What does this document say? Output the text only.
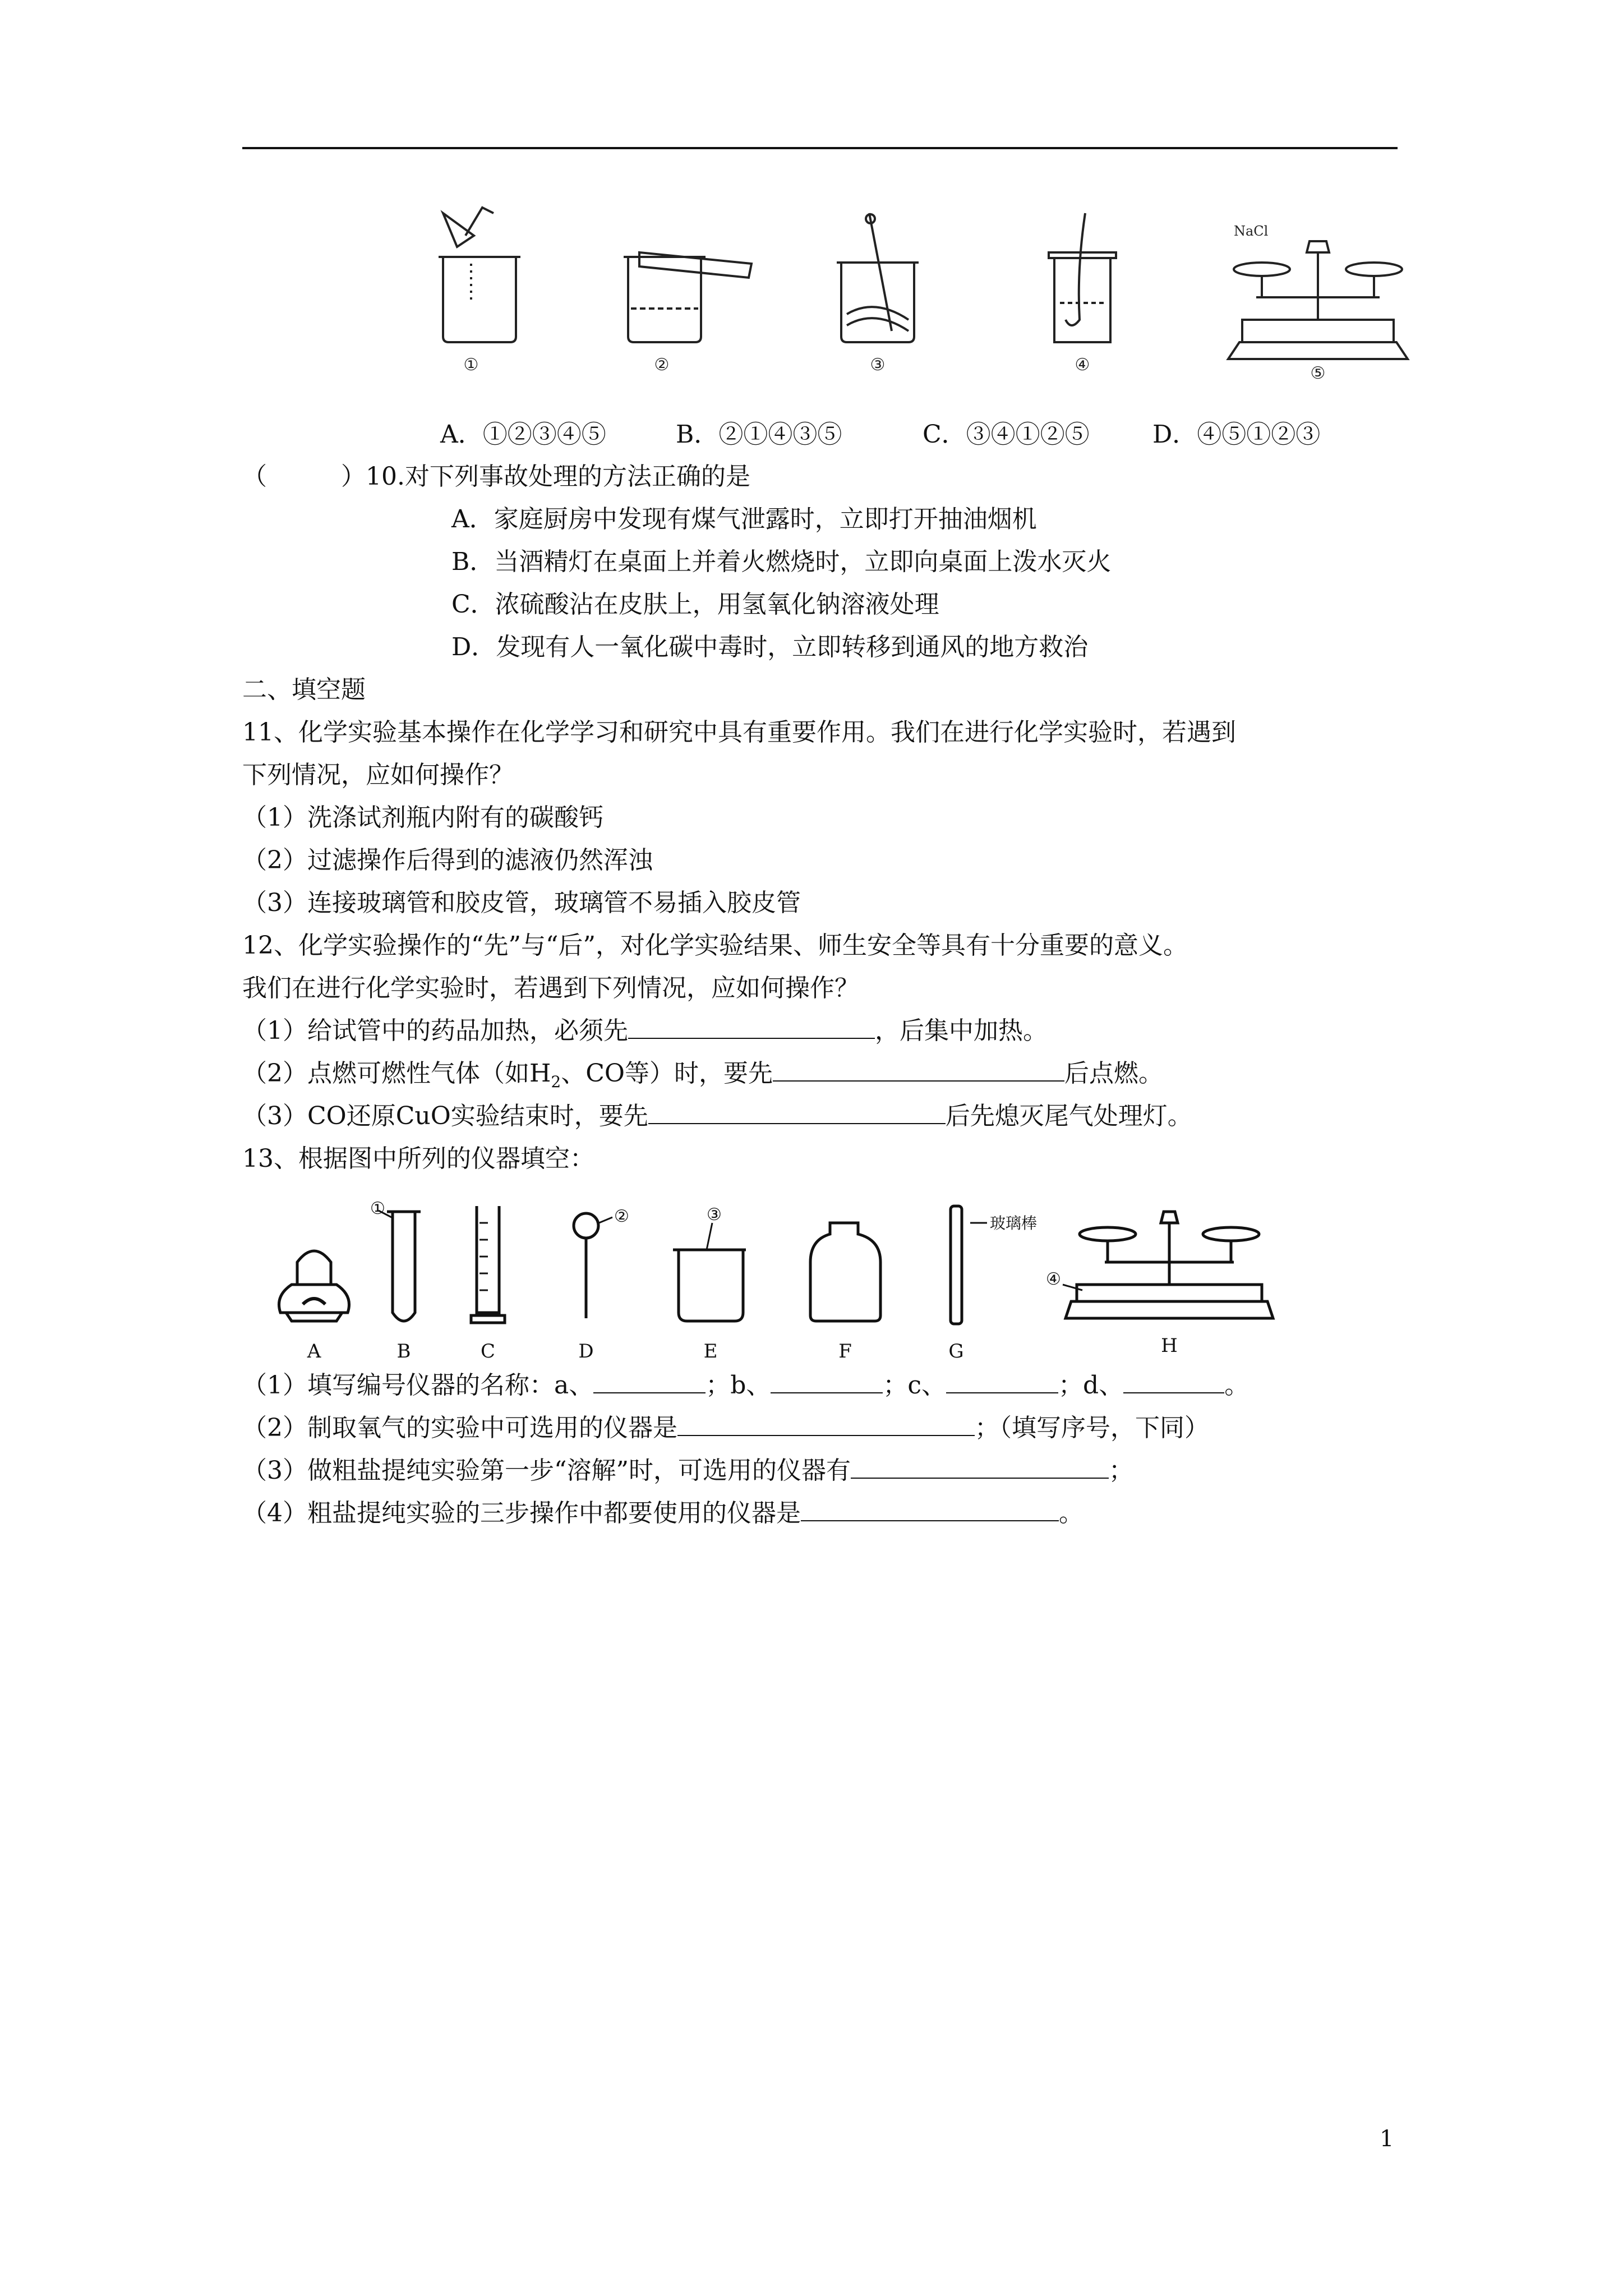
①	②	③	④	⑤
NaCl
A．①②③④⑤	B．②①④③⑤	C．③④①②⑤	D．④⑤①②③
（　　　）10.对下列事故处理的方法正确的是
A．家庭厨房中发现有煤气泄露时，立即打开抽油烟机
B．当酒精灯在桌面上并着火燃烧时，立即向桌面上泼水灭火
C．浓硫酸沾在皮肤上，用氢氧化钠溶液处理
D．发现有人一氧化碳中毒时，立即转移到通风的地方救治
二、填空题
11、化学实验基本操作在化学学习和研究中具有重要作用。我们在进行化学实验时，若遇到
下列情况，应如何操作？
（1）洗涤试剂瓶内附有的碳酸钙
（2）过滤操作后得到的滤液仍然浑浊
（3）连接玻璃管和胶皮管，玻璃管不易插入胶皮管
12、化学实验操作的“先”与“后”，对化学实验结果、师生安全等具有十分重要的意义。
我们在进行化学实验时，若遇到下列情况，应如何操作？
（1）给试管中的药品加热，必须先	，后集中加热。
（2）点燃可燃性气体（如$H_2$、CO等）时，要先	后点燃。
（3）CO还原CuO实验结束时，要先	后先熄灭尾气处理灯。
13、根据图中所列的仪器填空：
①	②	③
④
玻璃棒
A	B	C	D	E	F	G	H
（1）填写编号仪器的名称：a、	；b、	；c、	；d、	。
（2）制取氧气的实验中可选用的仪器是	；（填写序号，下同）
（3）做粗盐提纯实验第一步“溶解”时，可选用的仪器有	；
（4）粗盐提纯实验的三步操作中都要使用的仪器是	。
1
